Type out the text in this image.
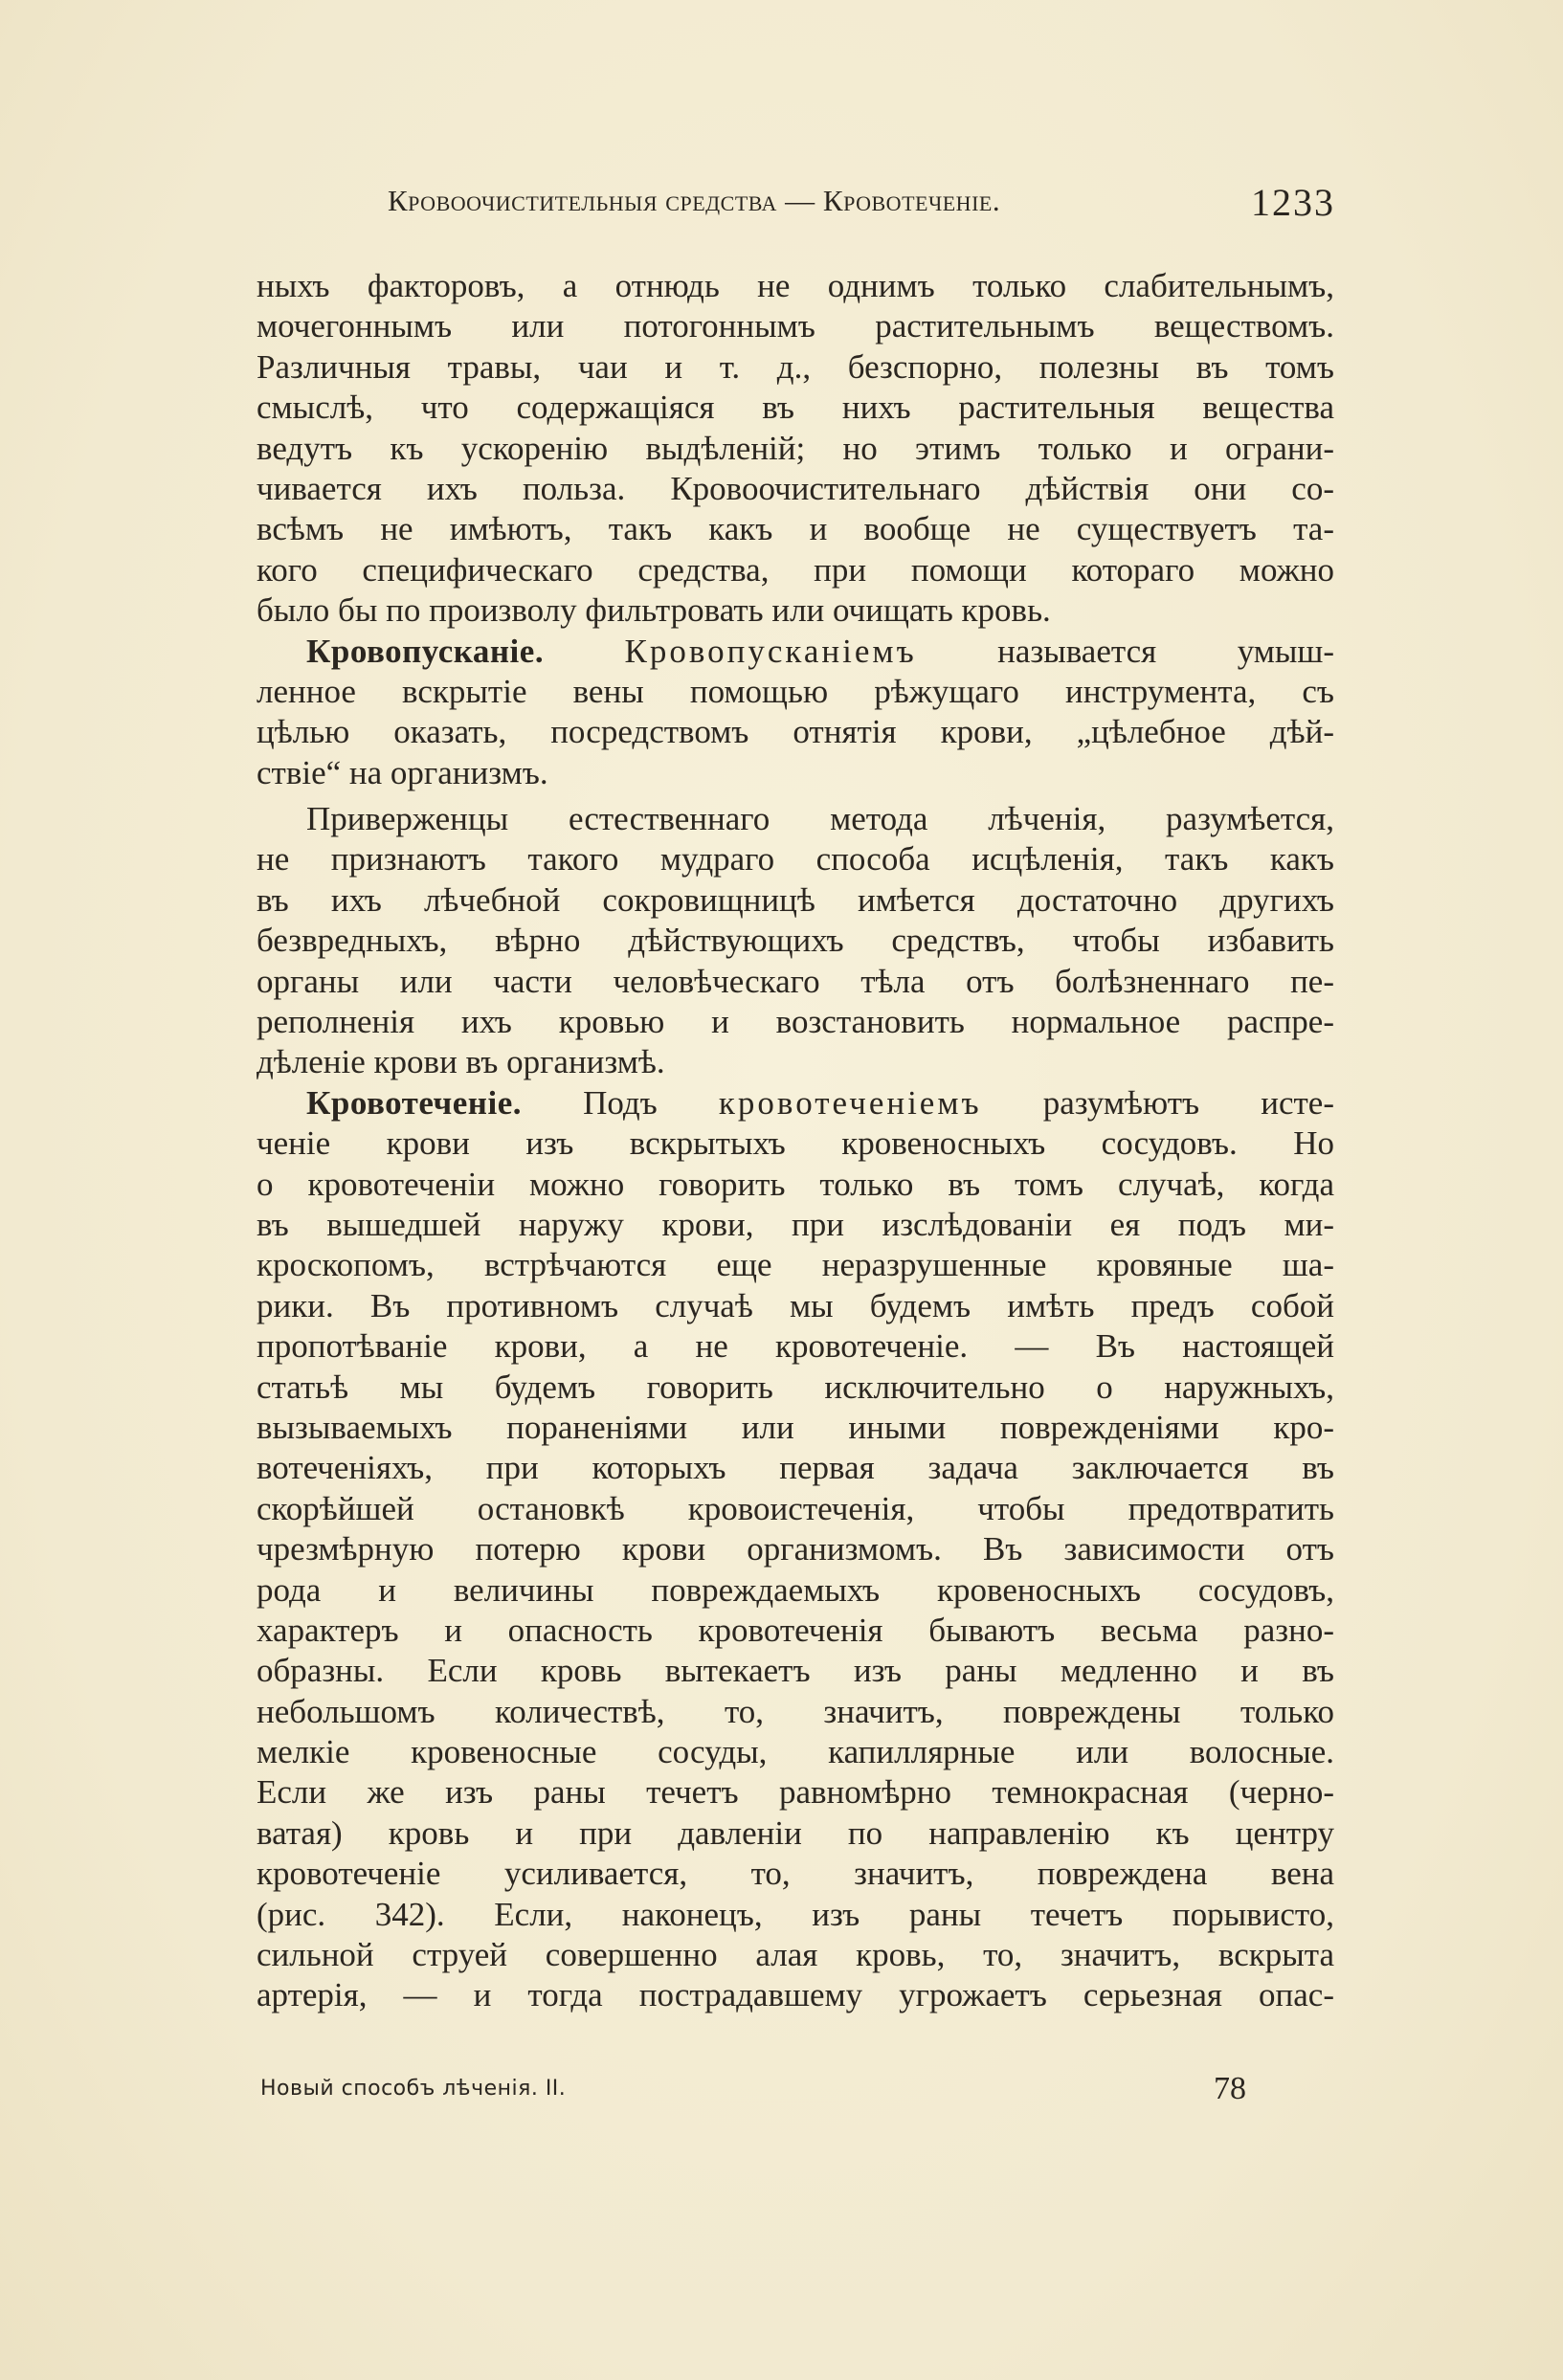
Кровоочистительныя средства — Кровотеченіе.	1233
ныхъ факторовъ, а отнюдь не однимъ только слабительнымъ,
мочегоннымъ или потогоннымъ растительнымъ веществомъ.
Различныя травы, чаи и т. д., безспорно, полезны въ томъ
смыслѣ, что содержащіяся въ нихъ растительныя вещества
ведутъ къ ускоренію выдѣленій; но этимъ только и ограни-
чивается ихъ польза. Кровоочистительнаго дѣйствія они со-
всѣмъ не имѣютъ, такъ какъ и вообще не существуетъ та-
кого специфическаго средства, при помощи котораго можно
было бы по произволу фильтровать или очищать кровь.
Кровопусканіе. Кровопусканіемъ называется умыш-
ленное вскрытіе вены помощью рѣжущаго инструмента, съ
цѣлью оказать, посредствомъ отнятія крови, „цѣлебное дѣй-
ствіе“ на организмъ.
Приверженцы естественнаго метода лѣченія, разумѣется,
не признаютъ такого мудраго способа исцѣленія, такъ какъ
въ ихъ лѣчебной сокровищницѣ имѣется достаточно другихъ
безвредныхъ, вѣрно дѣйствующихъ средствъ, чтобы избавить
органы или части человѣческаго тѣла отъ болѣзненнаго пе-
реполненія ихъ кровью и возстановить нормальное распре-
дѣленіе крови въ организмѣ.
Кровотеченіе. Подъ кровотеченіемъ разумѣютъ исте-
ченіе крови изъ вскрытыхъ кровеносныхъ сосудовъ. Но
о кровотеченіи можно говорить только въ томъ случаѣ, когда
въ вышедшей наружу крови, при изслѣдованіи ея подъ ми-
кроскопомъ, встрѣчаются еще неразрушенные кровяные ша-
рики. Въ противномъ случаѣ мы будемъ имѣть предъ собой
пропотѣваніе крови, а не кровотеченіе. — Въ настоящей
статьѣ мы будемъ говорить исключительно о наружныхъ,
вызываемыхъ пораненіями или иными поврежденіями кро-
вотеченіяхъ, при которыхъ первая задача заключается въ
скорѣйшей остановкѣ кровоистеченія, чтобы предотвратить
чрезмѣрную потерю крови организмомъ. Въ зависимости отъ
рода и величины повреждаемыхъ кровеносныхъ сосудовъ,
характеръ и опасность кровотеченія бываютъ весьма разно-
образны. Если кровь вытекаетъ изъ раны медленно и въ
небольшомъ количествѣ, то, значитъ, повреждены только
мелкіе кровеносные сосуды, капиллярные или волосные.
Если же изъ раны течетъ равномѣрно темнокрасная (черно-
ватая) кровь и при давленіи по направленію къ центру
кровотеченіе усиливается, то, значитъ, повреждена вена
(рис. 342). Если, наконецъ, изъ раны течетъ порывисто,
сильной струей совершенно алая кровь, то, значитъ, вскрыта
артерія, — и тогда пострадавшему угрожаетъ серьезная опас-
Новый способъ лѣченія. II.	78
